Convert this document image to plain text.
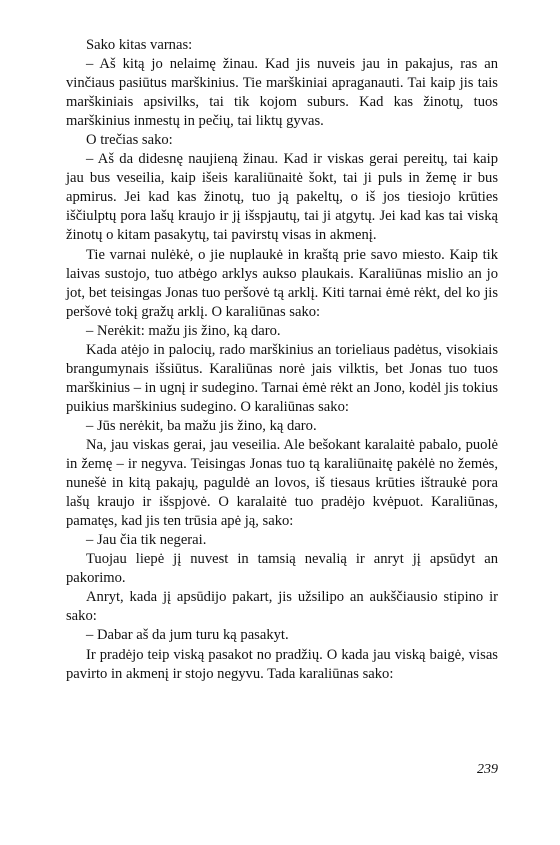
Sako kitas varnas:

– Aš kitą jo nelaimę žinau. Kad jis nuveis jau in pakajus, ras an vinčiaus pasiūtus marškinius. Tie marškiniai apraganauti. Tai kaip jis tais marškiniais apsivilks, tai tik kojom suburs. Kad kas žinotų, tuos marškinius inmestų in pečių, tai liktų gyvas.

O trečias sako:

– Aš da didesnę naujieną žinau. Kad ir viskas gerai pereitų, tai kaip jau bus veseilia, kaip išeis karaliūnaitė šokt, tai ji puls in žemę ir bus apmirus. Jei kad kas žinotų, tuo ją pakeltų, o iš jos tiesiojo krūties iščiulptų pora lašų kraujo ir jį išspjautų, tai ji atgytų. Jei kad kas tai viską žinotų o kitam pasakytų, tai pavirstų visas in akmenį.

Tie varnai nulėkė, o jie nuplaukė in kraštą prie savo miesto. Kaip tik laivas sustojo, tuo atbėgo arklys aukso plaukais. Karaliūnas mislio an jo jot, bet teisingas Jonas tuo peršovė tą arklį. Kiti tarnai ėmė rėkt, del ko jis peršovė tokį gražų arklį. O karaliūnas sako:

– Nerėkit: mažu jis žino, ką daro.

Kada atėjo in palocių, rado marškinius an torieliaus padėtus, visokiais brangumynais išsiūtus. Karaliūnas norė jais vilktis, bet Jonas tuo tuos marškinius – in ugnį ir sudegino. Tarnai ėmė rėkt an Jono, kodėl jis tokius puikius marškinius sudegino. O karaliūnas sako:

– Jūs nerėkit, ba mažu jis žino, ką daro.

Na, jau viskas gerai, jau veseilia. Ale bešokant karalaitė pabalo, puolė in žemę – ir negyva. Teisingas Jonas tuo tą karaliūnaitę pakėlė no žemės, nunešė in kitą pakajų, paguldė an lovos, iš tiesaus krūties ištraukė pora lašų kraujo ir išspjovė. O karalaitė tuo pradėjo kvėpuot. Karaliūnas, pamatęs, kad jis ten trūsia apė ją, sako:

– Jau čia tik negerai.

Tuojau liepė jį nuvest in tamsią nevalią ir anryt jį apsūdyt an pakorimo.

Anryt, kada jį apsūdijo pakart, jis užsilipo an aukščiausio stipino ir sako:

– Dabar aš da jum turu ką pasakyt.

Ir pradėjo teip viską pasakot no pradžių. O kada jau viską baigė, visas pavirto in akmenį ir stojo negyvu. Tada karaliūnas sako:

239
